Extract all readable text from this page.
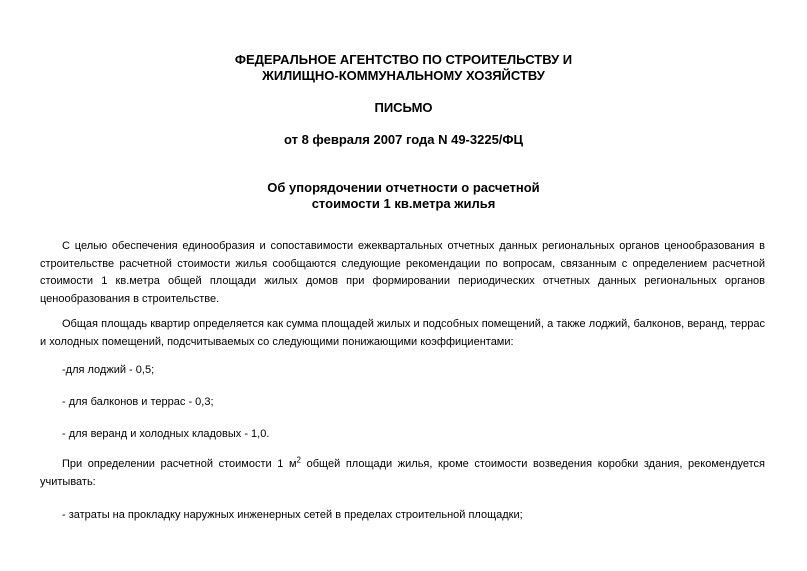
ФЕДЕРАЛЬНОЕ АГЕНТСТВО ПО СТРОИТЕЛЬСТВУ И
ЖИЛИЩНО-КОММУНАЛЬНОМУ ХОЗЯЙСТВУ
ПИСЬМО
от 8 февраля 2007 года N 49-3225/ФЦ
Об упорядочении отчетности о расчетной
стоимости 1 кв.метра жилья
С целью обеспечения единообразия и сопоставимости ежеквартальных отчетных данных региональных органов ценообразования в строительстве расчетной стоимости жилья сообщаются следующие рекомендации по вопросам, связанным с определением расчетной стоимости 1 кв.метра общей площади жилых домов при формировании периодических отчетных данных региональных органов ценообразования в строительстве.
Общая площадь квартир определяется как сумма площадей жилых и подсобных помещений, а также лоджий, балконов, веранд, террас и холодных помещений, подсчитываемых со следующими понижающими коэффициентами:
-для лоджий - 0,5;
- для балконов и террас - 0,3;
- для веранд и холодных кладовых - 1,0.
При определении расчетной стоимости 1 $м^2$ общей площади жилья, кроме стоимости возведения коробки здания, рекомендуется учитывать:
- затраты на прокладку наружных инженерных сетей в пределах строительной площадки;
